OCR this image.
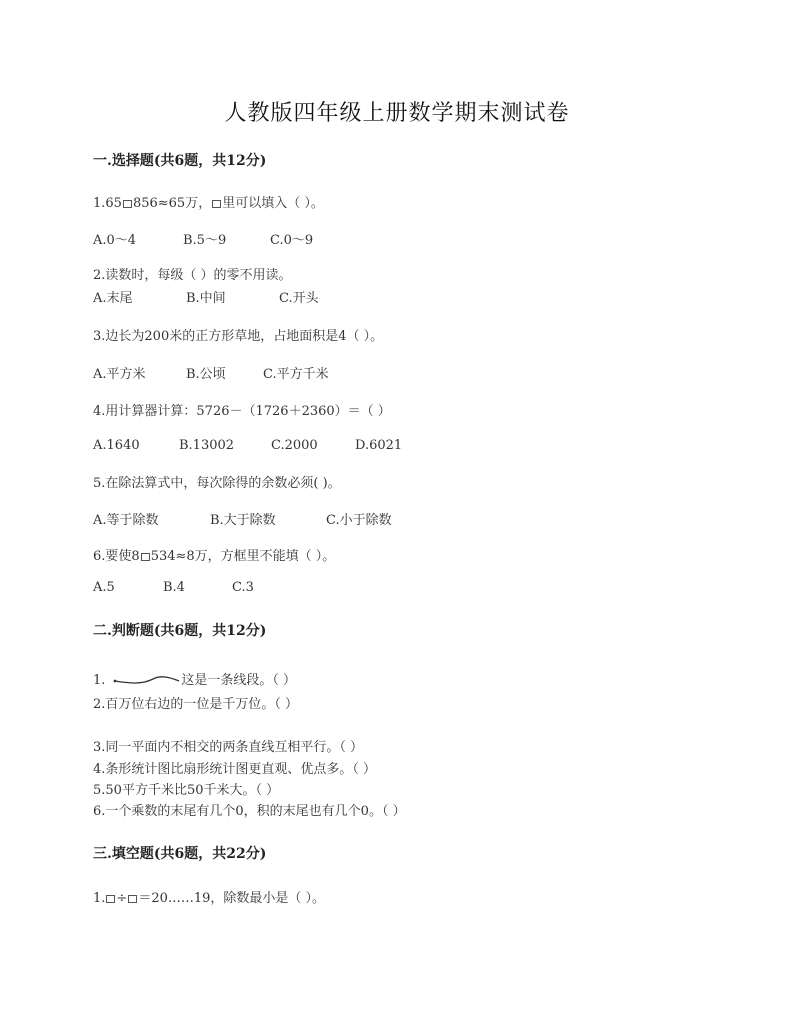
人教版四年级上册数学期末测试卷
一.选择题(共6题，共12分)
1.65 856≈65万， 里可以填入（ ）。
A.0～4	B.5～9	C.0～9
2.读数时，每级（ ）的零不用读。
A.末尾	B.中间	C.开头
3.边长为200米的正方形草地，占地面积是4（ ）。
A.平方米	B.公顷	C.平方千米
4.用计算器计算：5726－（1726＋2360）＝（ ）
A.1640	B.13002	C.2000	D.6021
5.在除法算式中，每次除得的余数必须( )。
A.等于除数	B.大于除数	C.小于除数
6.要使8 534≈8万，方框里不能填（ ）。
A.5	B.4	C.3
二.判断题(共6题，共12分)
1.	这是一条线段。（ ）
2.百万位右边的一位是千万位。（ ）
3.同一平面内不相交的两条直线互相平行。（ ）
4.条形统计图比扇形统计图更直观、优点多。（ ）
5.50平方千米比50千米大。（ ）
6.一个乘数的末尾有几个0，积的末尾也有几个0。（ ）
三.填空题(共6题，共22分)
1. ÷ ＝20……19，除数最小是（ ）。
